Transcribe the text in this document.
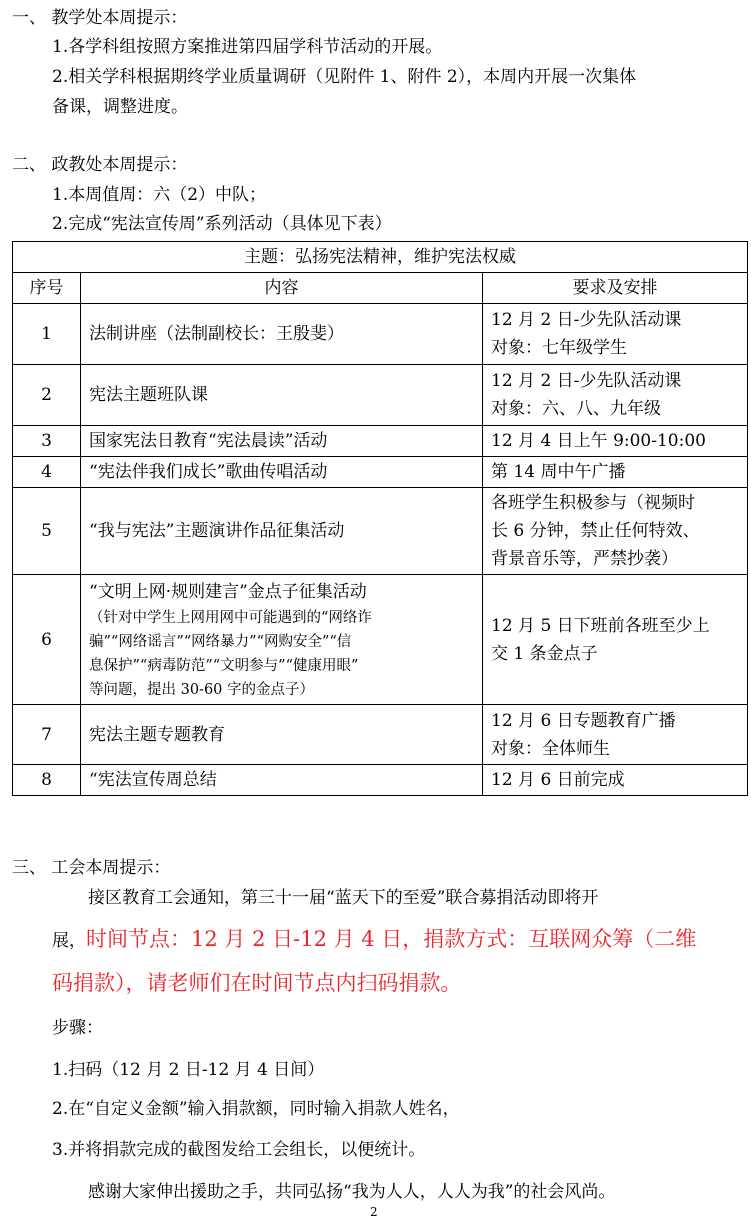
一、 教学处本周提示：
1.各学科组按照方案推进第四届学科节活动的开展。
2.相关学科根据期终学业质量调研（见附件 1、附件 2），本周内开展一次集体
备课，调整进度。
二、 政教处本周提示：
1.本周值周：六（2）中队；
2.完成“宪法宣传周”系列活动（具体见下表）
主题：弘扬宪法精神，维护宪法权威		
序号	内容	要求及安排
1	法制讲座（法制副校长：王殷斐）	12 月 2 日-少先队活动课
对象：七年级学生

2	宪法主题班队课	12 月 2 日-少先队活动课
对象：六、八、九年级

3	国家宪法日教育“宪法晨读”活动	12 月 4 日上午 9:00-10:00
4	“宪法伴我们成长”歌曲传唱活动	第 14 周中午广播
5	“我与宪法”主题演讲作品征集活动	各班学生积极参与（视频时
长 6 分钟，禁止任何特效、
背景音乐等，严禁抄袭）

6	“文明上网·规则建言”金点子征集活动
（针对中学生上网用网中可能遇到的“网络诈
骗”“网络谣言”“网络暴力”“网购安全”“信
息保护”“病毒防范”“文明参与”“健康用眼”
等问题，提出 30-60 字的金点子）	12 月 5 日下班前各班至少上
交 1 条金点子

7	宪法主题专题教育	12 月 6 日专题教育广播
对象：全体师生

8	“宪法宣传周总结	12 月 6 日前完成
三、 工会本周提示：
接区教育工会通知，第三十一届“蓝天下的至爱”联合募捐活动即将开
展，时间节点：12 月 2 日-12 月 4 日，捐款方式：互联网众筹（二维
码捐款），请老师们在时间节点内扫码捐款。
步骤：
1.扫码（12 月 2 日-12 月 4 日间）
2.在“自定义金额”输入捐款额，同时输入捐款人姓名，
3.并将捐款完成的截图发给工会组长，以便统计。
感谢大家伸出援助之手，共同弘扬“我为人人，人人为我”的社会风尚。
2
